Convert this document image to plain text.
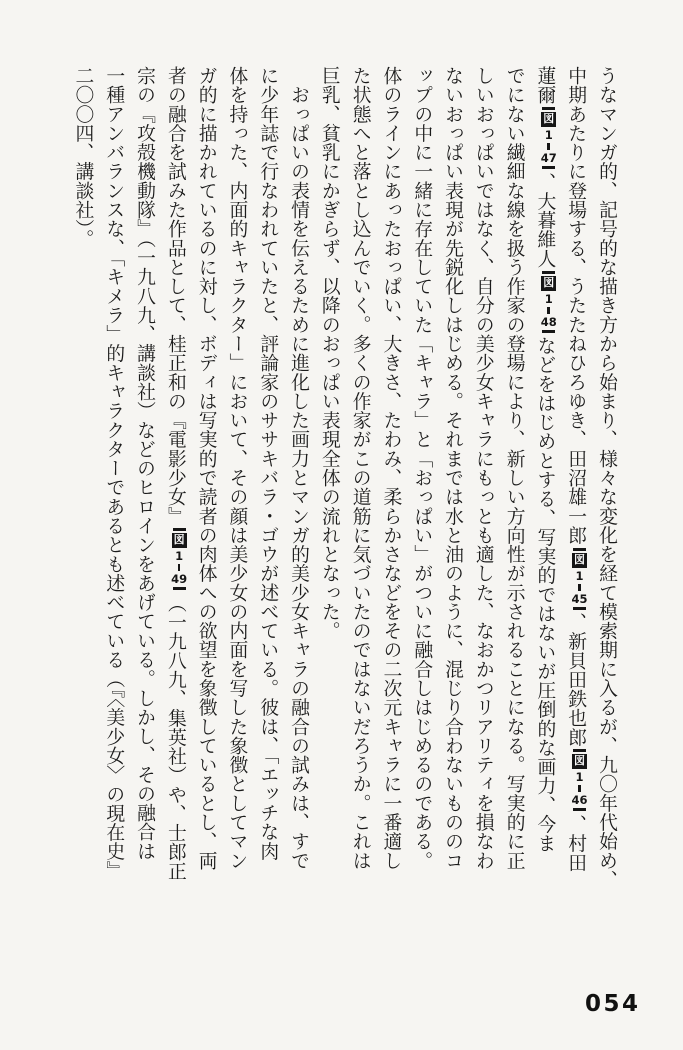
うなマンガ的、記号的な描き方から始まり、様々な変化を経て模索期に入るが、九〇年代始め、
中期あたりに登場する、うたたねひろゆき、田沼雄一郎
図
1
45
、新貝田鉄也郎
図
1
46
、村田
蓮爾
図
1
47
、大暮維人
図
1
48
などをはじめとする、写実的ではないが圧倒的な画力、今ま
でにない繊細な線を扱う作家の登場により、新しい方向性が示されることになる。写実的に正
しいおっぱいではなく、自分の美少女キャラにもっとも適した、なおかつリアリティを損なわ
ないおっぱい表現が先鋭化しはじめる。それまでは水と油のように、混じり合わないもののコ
ップの中に一緒に存在していた「キャラ」と「おっぱい」がついに融合しはじめるのである。
体のラインにあったおっぱい、大きさ、たわみ、柔らかさなどをその二次元キャラに一番適し
た状態へと落とし込んでいく。多くの作家がこの道筋に気づいたのではないだろうか。これは
巨乳、貧乳にかぎらず、以降のおっぱい表現全体の流れとなった。
　おっぱいの表情を伝えるために進化した画力とマンガ的美少女キャラの融合の試みは、すで
に少年誌で行なわれていたと、評論家のササキバラ・ゴウが述べている。彼は、「エッチな肉
体を持った、内面的キャラクター」において、その顔は美少女の内面を写した象徴としてマン
ガ的に描かれているのに対し、ボディは写実的で読者の肉体への欲望を象徴しているとし、両
者の融合を試みた作品として、桂正和の『電影少女』
図
1
49
（一九八九、集英社）や、士郎正
宗の『攻殻機動隊』（一九八九、講談社）などのヒロインをあげている。しかし、その融合は
一種アンバランスな、「キメラ」的キャラクターであるとも述べている（『〈美少女〉の現在史』
二〇〇四、講談社）。
054
